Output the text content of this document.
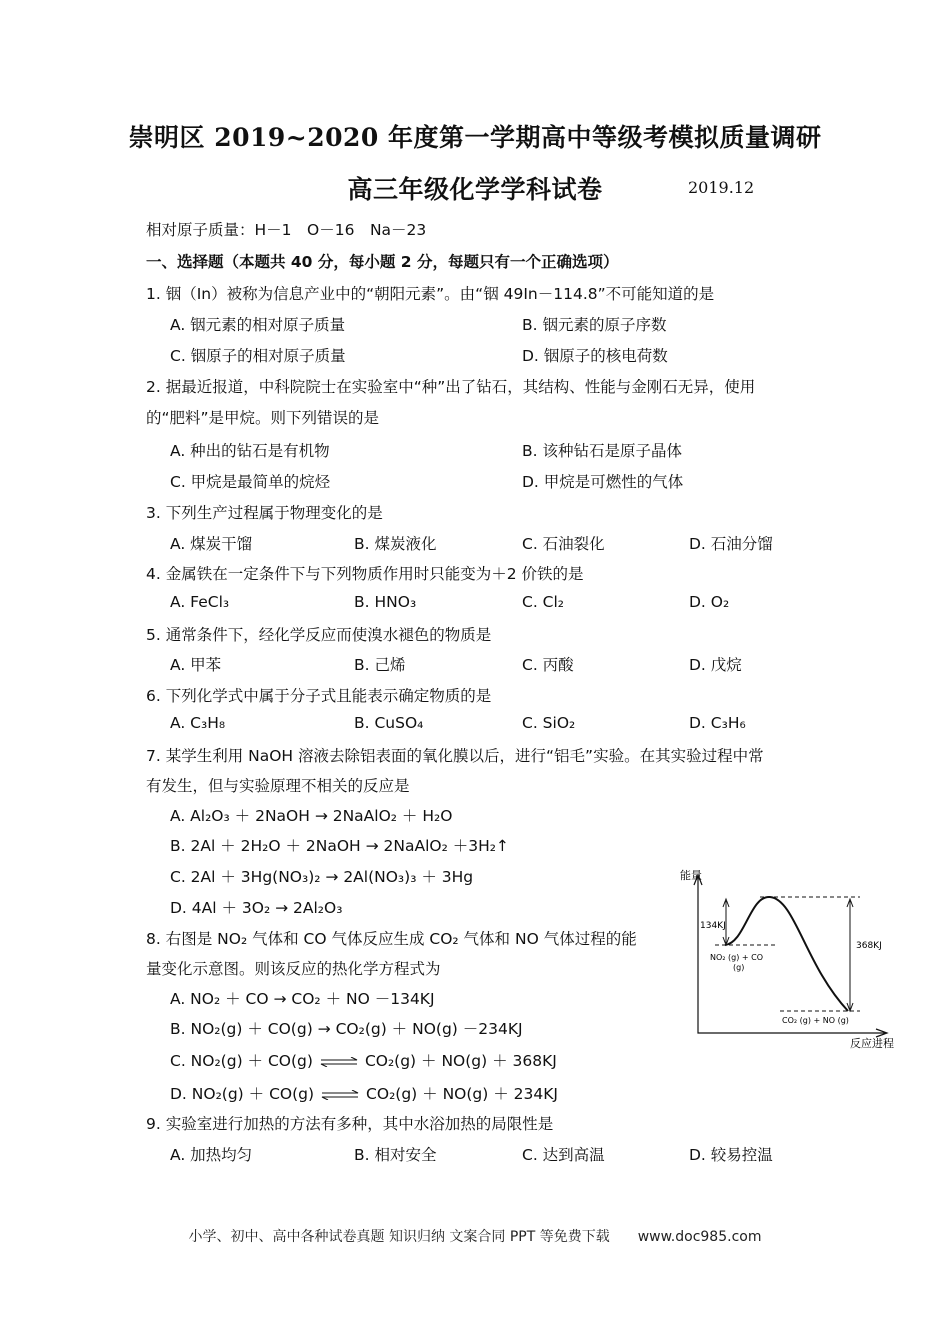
崇明区 2019~2020 年度第一学期高中等级考模拟质量调研
高三年级化学学科试卷	2019.12
相对原子质量：H－1　O－16　Na－23
一、选择题（本题共 40 分，每小题 2 分，每题只有一个正确选项）
1. 铟（In）被称为信息产业中的“朝阳元素”。由“铟 49In－114.8”不可能知道的是
A. 铟元素的相对原子质量	B. 铟元素的原子序数
C. 铟原子的相对原子质量	D. 铟原子的核电荷数
2. 据最近报道，中科院院士在实验室中“种”出了钻石，其结构、性能与金刚石无异，使用
的“肥料”是甲烷。则下列错误的是
A. 种出的钻石是有机物	B. 该种钻石是原子晶体
C. 甲烷是最简单的烷烃	D. 甲烷是可燃性的气体
3. 下列生产过程属于物理变化的是
A. 煤炭干馏	B. 煤炭液化	C. 石油裂化	D. 石油分馏
4. 金属铁在一定条件下与下列物质作用时只能变为＋2 价铁的是
A. FeCl₃	B. HNO₃	C. Cl₂	D. O₂
5. 通常条件下，经化学反应而使溴水褪色的物质是
A. 甲苯	B. 己烯	C. 丙酸	D. 戊烷
6. 下列化学式中属于分子式且能表示确定物质的是
A. C₃H₈	B. CuSO₄	C. SiO₂	D. C₃H₆
7. 某学生利用 NaOH 溶液去除铝表面的氧化膜以后，进行“铝毛”实验。在其实验过程中常
有发生，但与实验原理不相关的反应是
A. Al₂O₃ ＋ 2NaOH → 2NaAlO₂ ＋ H₂O
B. 2Al ＋ 2H₂O ＋ 2NaOH → 2NaAlO₂ ＋3H₂↑
C. 2Al ＋ 3Hg(NO₃)₂ → 2Al(NO₃)₃ ＋ 3Hg
D. 4Al ＋ 3O₂ → 2Al₂O₃
8. 右图是 NO₂ 气体和 CO 气体反应生成 CO₂ 气体和 NO 气体过程的能
量变化示意图。则该反应的热化学方程式为
A. NO₂ ＋ CO → CO₂ ＋ NO －134KJ
B. NO₂(g) ＋ CO(g) → CO₂(g) ＋ NO(g) －234KJ
C. NO₂(g) ＋ CO(g) ⇌ CO₂(g) ＋ NO(g) ＋ 368KJ
D. NO₂(g) ＋ CO(g) ⇌ CO₂(g) ＋ NO(g) ＋ 234KJ
9. 实验室进行加热的方法有多种，其中水浴加热的局限性是
A. 加热均匀	B. 相对安全	C. 达到高温	D. 较易控温
能量
134KJ
368KJ
NO₂ (g) + CO
(g)
CO₂ (g) + NO (g)
反应进程
小学、初中、高中各种试卷真题 知识归纳 文案合同 PPT 等免费下载　　www.doc985.com
